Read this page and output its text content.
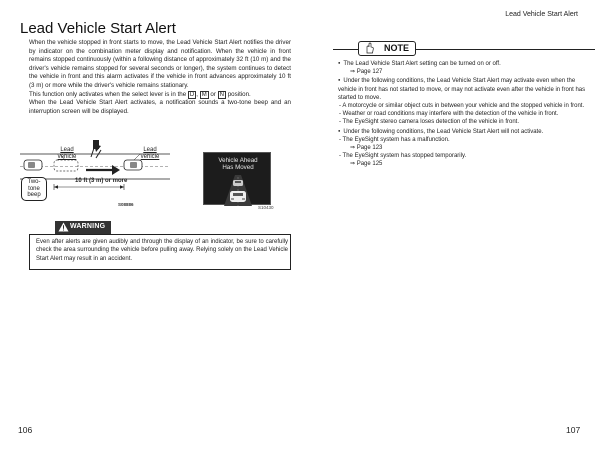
Lead Vehicle Start Alert

When the vehicle stopped in front starts to move, the Lead Vehicle Start Alert notifies the driver by indicator on the combination meter display and notification. When the vehicle in front remains stopped continuously (within a following distance of approximately 32 ft (10 m) and the driver's vehicle remains stopped for several seconds or longer), the system continues to detect the vehicle in front and this alarm activates if the vehicle in front advances approximately 10 ft (3 m) or more while the driver's vehicle remains stationary.

This function only activates when the select lever is in the D , M or N position.

When the Lead Vehicle Start Alert activates, a notification sounds a two-tone beep and an interruption screen will be displayed.

Lead vehicle
Lead vehicle
Two-tone beep
10 ft (3 m) or more
S08886
Vehicle Ahead
Has Moved
S10430
WARNING
Even after alerts are given audibly and through the display of an indicator, be sure to carefully check the area surrounding the vehicle before pulling away. Relying solely on the Lead Vehicle Start Alert may result in an accident.
106
Lead Vehicle Start Alert
NOTE
● The Lead Vehicle Start Alert setting can be turned on or off.
⇒ Page 127
● Under the following conditions, the Lead Vehicle Start Alert may activate even when the vehicle in front has not started to move, or may not activate even after the vehicle in front has started to move.
- A motorcycle or similar object cuts in between your vehicle and the stopped vehicle in front.
- Weather or road conditions may interfere with the detection of the vehicle in front.
- The EyeSight stereo camera loses detection of the vehicle in front.
● Under the following conditions, the Lead Vehicle Start Alert will not activate.
- The EyeSight system has a malfunction.
⇒ Page 123
- The EyeSight system has stopped temporarily.
⇒ Page 125
107
